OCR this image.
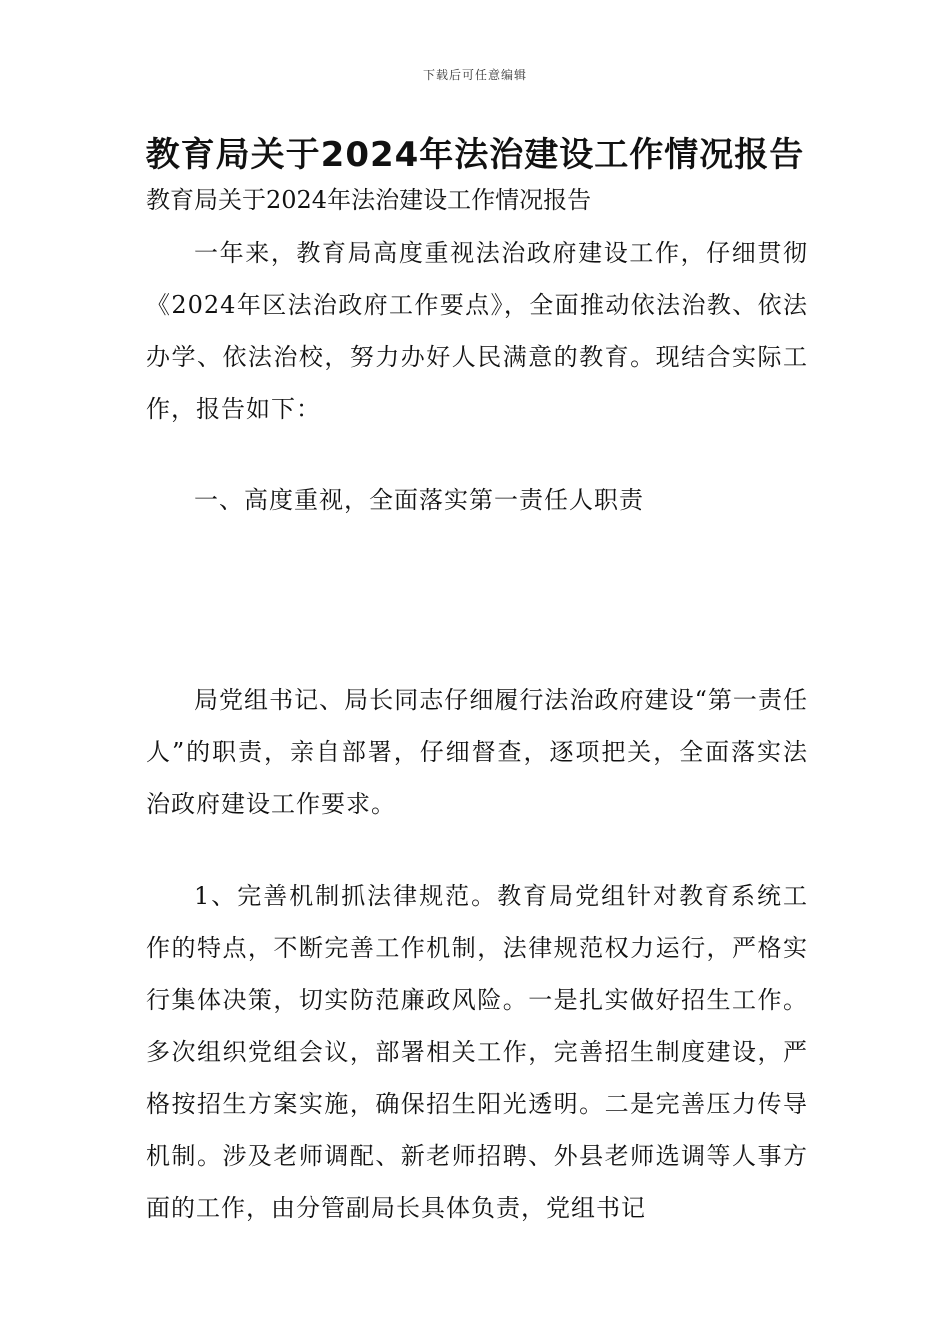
下载后可任意编辑
教育局关于2024年法治建设工作情况报告
教育局关于2024年法治建设工作情况报告

一年来，教育局高度重视法治政府建设工作，仔细贯彻《2024年区法治政府工作要点》，全面推动依法治教、依法办学、依法治校，努力办好人民满意的教育。现结合实际工作，报告如下：

一、高度重视，全面落实第一责任人职责

局党组书记、局长同志仔细履行法治政府建设“第一责任人”的职责，亲自部署，仔细督查，逐项把关，全面落实法治政府建设工作要求。

1、完善机制抓法律规范。教育局党组针对教育系统工作的特点，不断完善工作机制，法律规范权力运行，严格实行集体决策，切实防范廉政风险。一是扎实做好招生工作。多次组织党组会议，部署相关工作，完善招生制度建设，严格按招生方案实施，确保招生阳光透明。二是完善压力传导机制。涉及老师调配、新老师招聘、外县老师选调等人事方面的工作，由分管副局长具体负责，党组书记
